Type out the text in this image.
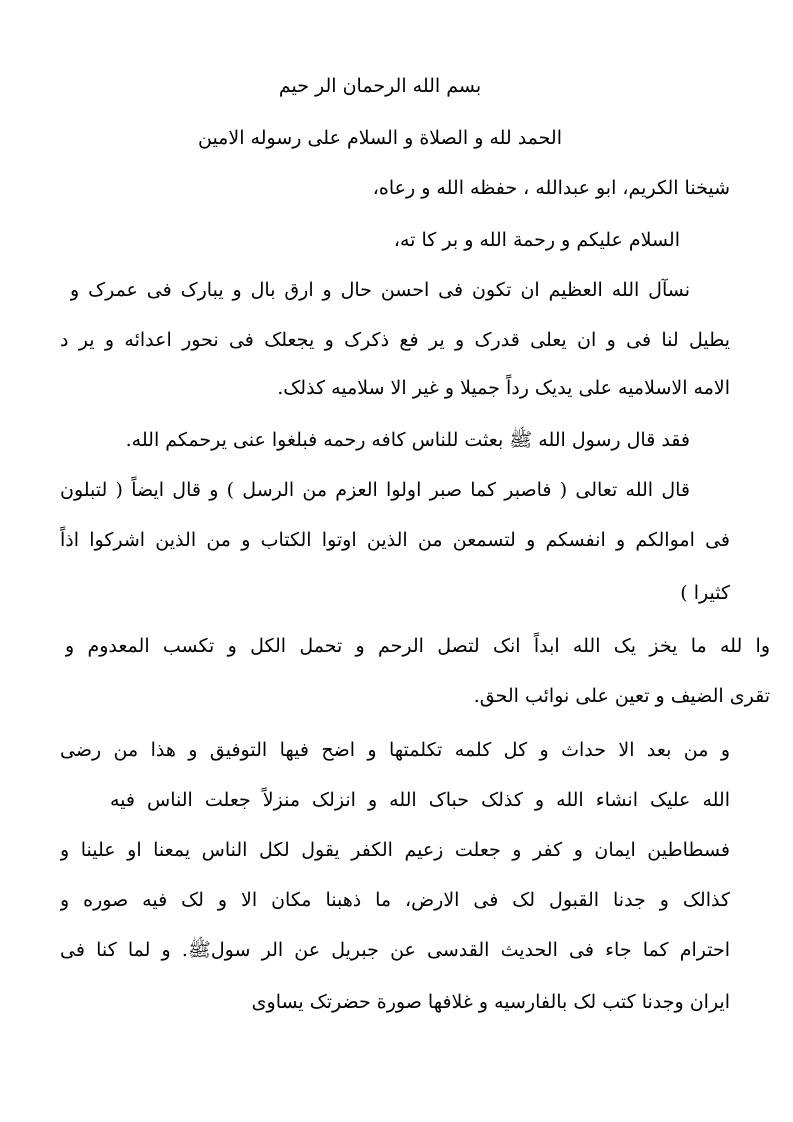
بسم الله الرحمان الر حيم
الحمد لله و الصلاة و السلام على رسوله الامين
شيخنا الكريم، ابو عبدالله ، حفظه الله و رعاه،
السلام عليكم و رحمة الله و بر كا ته،
نسآل الله العظيم ان تكون فى احسن حال و ارق بال و يبارک فى عمرک و
يطيل لنا فى و ان يعلى قدرک و ير فع ذکرک و يجعلک فى نحور اعدائه و ير د
الامه الاسلاميه على يديک رداً جميلا و غير الا سلاميه کذلک.
فقد قال رسول الله ﷺ بعثت للناس كافه رحمه فبلغوا عنى يرحمكم الله.
قال الله تعالى ( فاصبر كما صبر اولوا العزم من الرسل ) و قال ايضاً ( لتبلون
فى اموالكم و انفسكم و لتسمعن من الذين اوتوا الكتاب و من الذين اشركوا اذاً
كثيرا )
وا لله ما يخز يک الله ابداً انک لتصل الرحم و تحمل الکل و تکسب المعدوم و
تقرى الضيف و تعين على نوائب الحق.
و من بعد الا حداث و كل كلمه تكلمتها و اضح فيها التوفيق و هذا من رضى
الله عليک انشاء الله و کذلک حباک الله و انزلک منزلاً جعلت الناس فيه
فسطاطين ايمان و کفر و جعلت زعيم الکفر يقول لکل الناس يمعنا او علينا و
کذالک و جدنا القبول لک فى الارض، ما ذهبنا مکان الا و لک فيه صوره و
احترام كما جاء فى الحديث القدسى عن جبريل عن الر سولﷺ. و لما كنا فى
ايران وجدنا کتب لک بالفارسيه و غلافها صورة حضرتک يساوى
